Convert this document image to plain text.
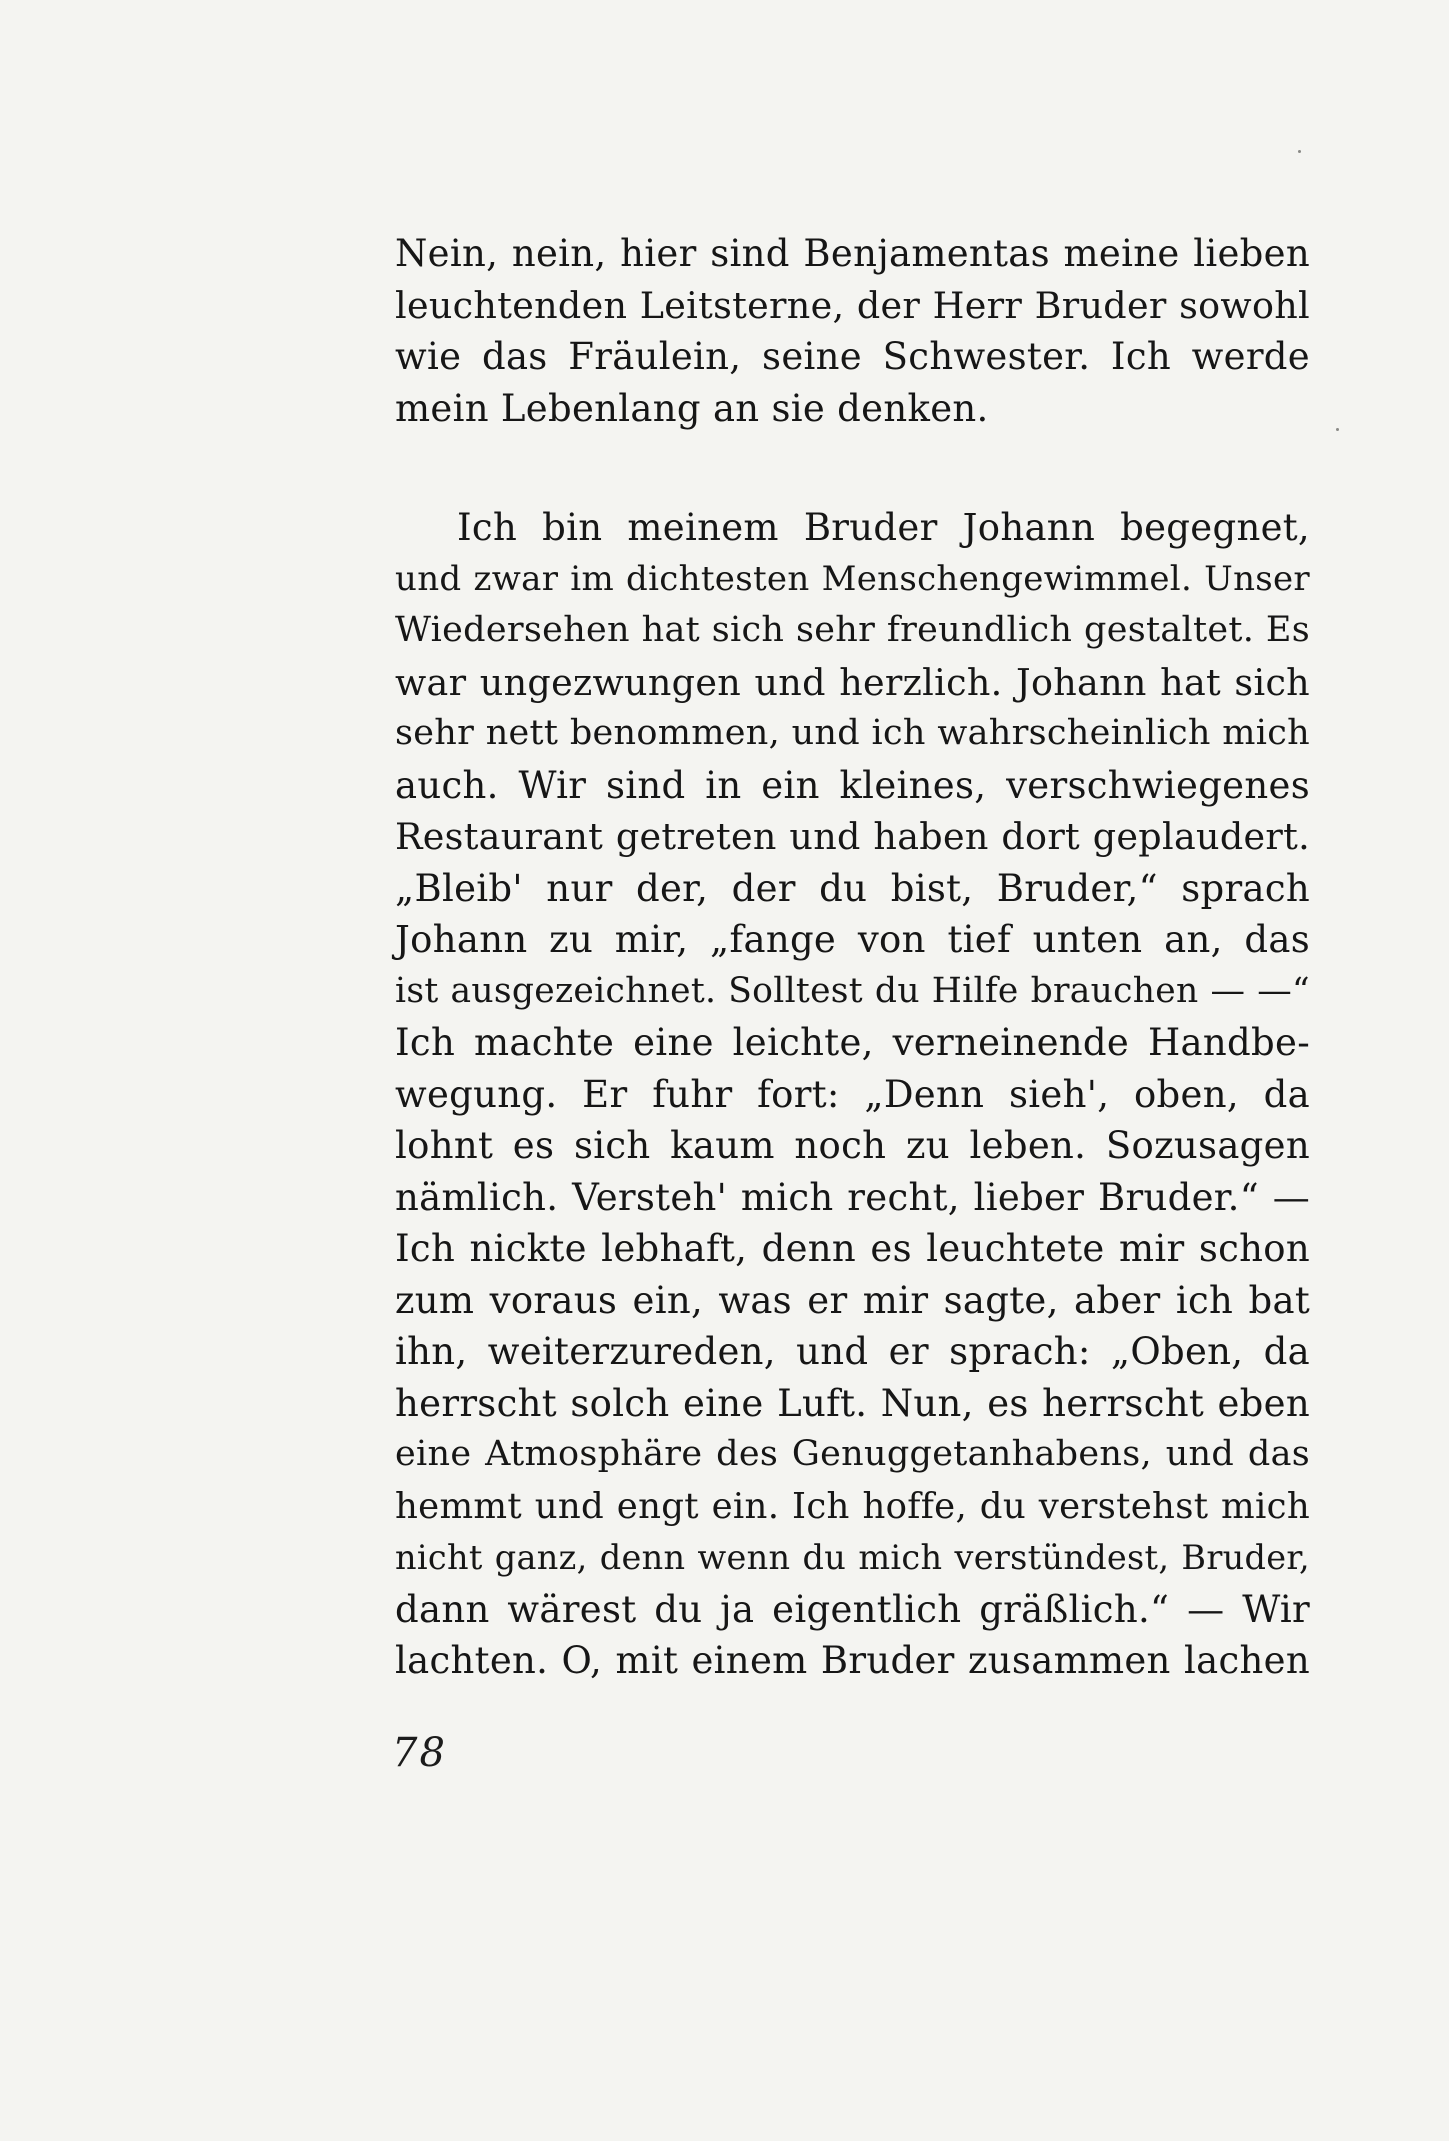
Nein, nein, hier sind Benjamentas meine lieben
leuchtenden Leitsterne, der Herr Bruder sowohl
wie das Fräulein, seine Schwester. Ich werde
mein Lebenlang an sie denken.
Ich bin meinem Bruder Johann begegnet,
und zwar im dichtesten Menschengewimmel. Unser
Wiedersehen hat sich sehr freundlich gestaltet. Es
war ungezwungen und herzlich. Johann hat sich
sehr nett benommen, und ich wahrscheinlich mich
auch. Wir sind in ein kleines, verschwiegenes
Restaurant getreten und haben dort geplaudert.
„Bleib' nur der, der du bist, Bruder,“ sprach
Johann zu mir, „fange von tief unten an, das
ist ausgezeichnet. Solltest du Hilfe brauchen — —“
Ich machte eine leichte, verneinende Handbe-
wegung. Er fuhr fort: „Denn sieh', oben, da
lohnt es sich kaum noch zu leben. Sozusagen
nämlich. Versteh' mich recht, lieber Bruder.“ —
Ich nickte lebhaft, denn es leuchtete mir schon
zum voraus ein, was er mir sagte, aber ich bat
ihn, weiterzureden, und er sprach: „Oben, da
herrscht solch eine Luft. Nun, es herrscht eben
eine Atmosphäre des Genuggetanhabens, und das
hemmt und engt ein. Ich hoffe, du verstehst mich
nicht ganz, denn wenn du mich verstündest, Bruder,
dann wärest du ja eigentlich gräßlich.“ — Wir
lachten. O, mit einem Bruder zusammen lachen
78
